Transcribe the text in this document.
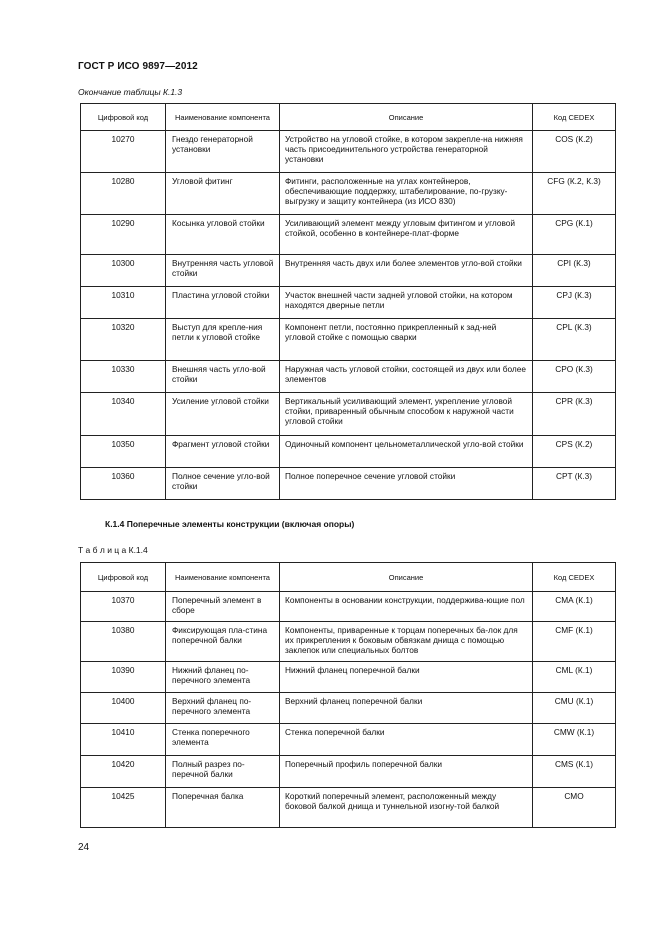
ГОСТ Р ИСО 9897—2012
Окончание таблицы К.1.3
Цифровой код	Наименование компонента	Описание	Код CEDEX
10270	Гнездо генераторной установки	Устройство на угловой стойке, в котором закрепле-на нижняя часть присоединительного устройства генераторной установки	COS (К.2)
10280	Угловой фитинг	Фитинги, расположенные на углах контейнеров, обеспечивающие поддержку, штабелирование, по-грузку-выгрузку и защиту контейнера (из ИСО 830)	CFG (К.2, К.3)
10290	Косынка угловой стойки	Усиливающий элемент между угловым фитингом и угловой стойкой, особенно в контейнере-плат-форме	CPG (К.1)
10300	Внутренняя часть угловой стойки	Внутренняя часть двух или более элементов угло-вой стойки	CPI (К.3)
10310	Пластина угловой стойки	Участок внешней части задней угловой стойки, на котором находятся дверные петли	CPJ (К.3)
10320	Выступ для крепле-ния петли к угловой стойке	Компонент петли, постоянно прикрепленный к зад-ней угловой стойке с помощью сварки	CPL (К.3)
10330	Внешняя часть угло-вой стойки	Наружная часть угловой стойки, состоящей из двух или более элементов	CPO (К.3)
10340	Усиление угловой стойки	Вертикальный усиливающий элемент, укрепление угловой стойки, приваренный обычным способом к наружной части угловой стойки	CPR (К.3)
10350	Фрагмент угловой стойки	Одиночный компонент цельнометаллической угло-вой стойки	CPS (К.2)
10360	Полное сечение угло-вой стойки	Полное поперечное сечение угловой стойки	CPT (К.3)
К.1.4 Поперечные элементы конструкции (включая опоры)
Т а б л и ц а К.1.4
Цифровой код	Наименование компонента	Описание	Код CEDEX
10370	Поперечный элемент в сборе	Компоненты в основании конструкции, поддержива-ющие пол	CMA (К.1)
10380	Фиксирующая пла-стина поперечной балки	Компоненты, приваренные к торцам поперечных ба-лок для их прикрепления к боковым обвязкам днища с помощью заклепок или специальных болтов	CMF (К.1)
10390	Нижний фланец по-перечного элемента	Нижний фланец поперечной балки	CML (К.1)
10400	Верхний фланец по-перечного элемента	Верхний фланец поперечной балки	CMU (К.1)
10410	Стенка поперечного элемента	Стенка поперечной балки	CMW (К.1)
10420	Полный разрез по-перечной балки	Поперечный профиль поперечной балки	CMS (К.1)
10425	Поперечная балка	Короткий поперечный элемент, расположенный между боковой балкой днища и туннельной изогну-той балкой	CMO
24
